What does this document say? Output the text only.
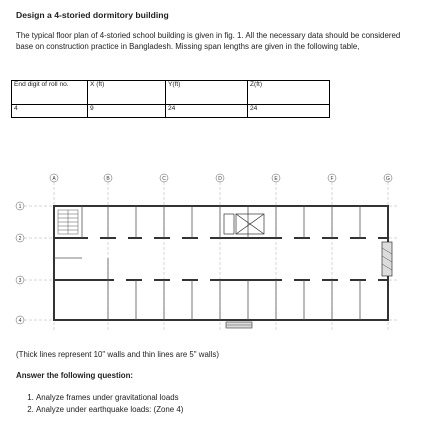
Design a 4-storied dormitory building
The typical floor plan of 4-storied school building is given in fig. 1. All the necessary data should be considered base on construction practice in Bangladesh. Missing span lengths are given in the following table,
End digit of roll no.	X (ft)	Y(ft)	Z(ft)
4	9	24	24
A	B	C	D	E	F	G
1
2
3
4
(Thick lines represent 10" walls and thin lines are 5" walls)
Answer the following question:
1. Analyze frames under gravitational loads
2. Analyze under earthquake loads: (Zone 4)
